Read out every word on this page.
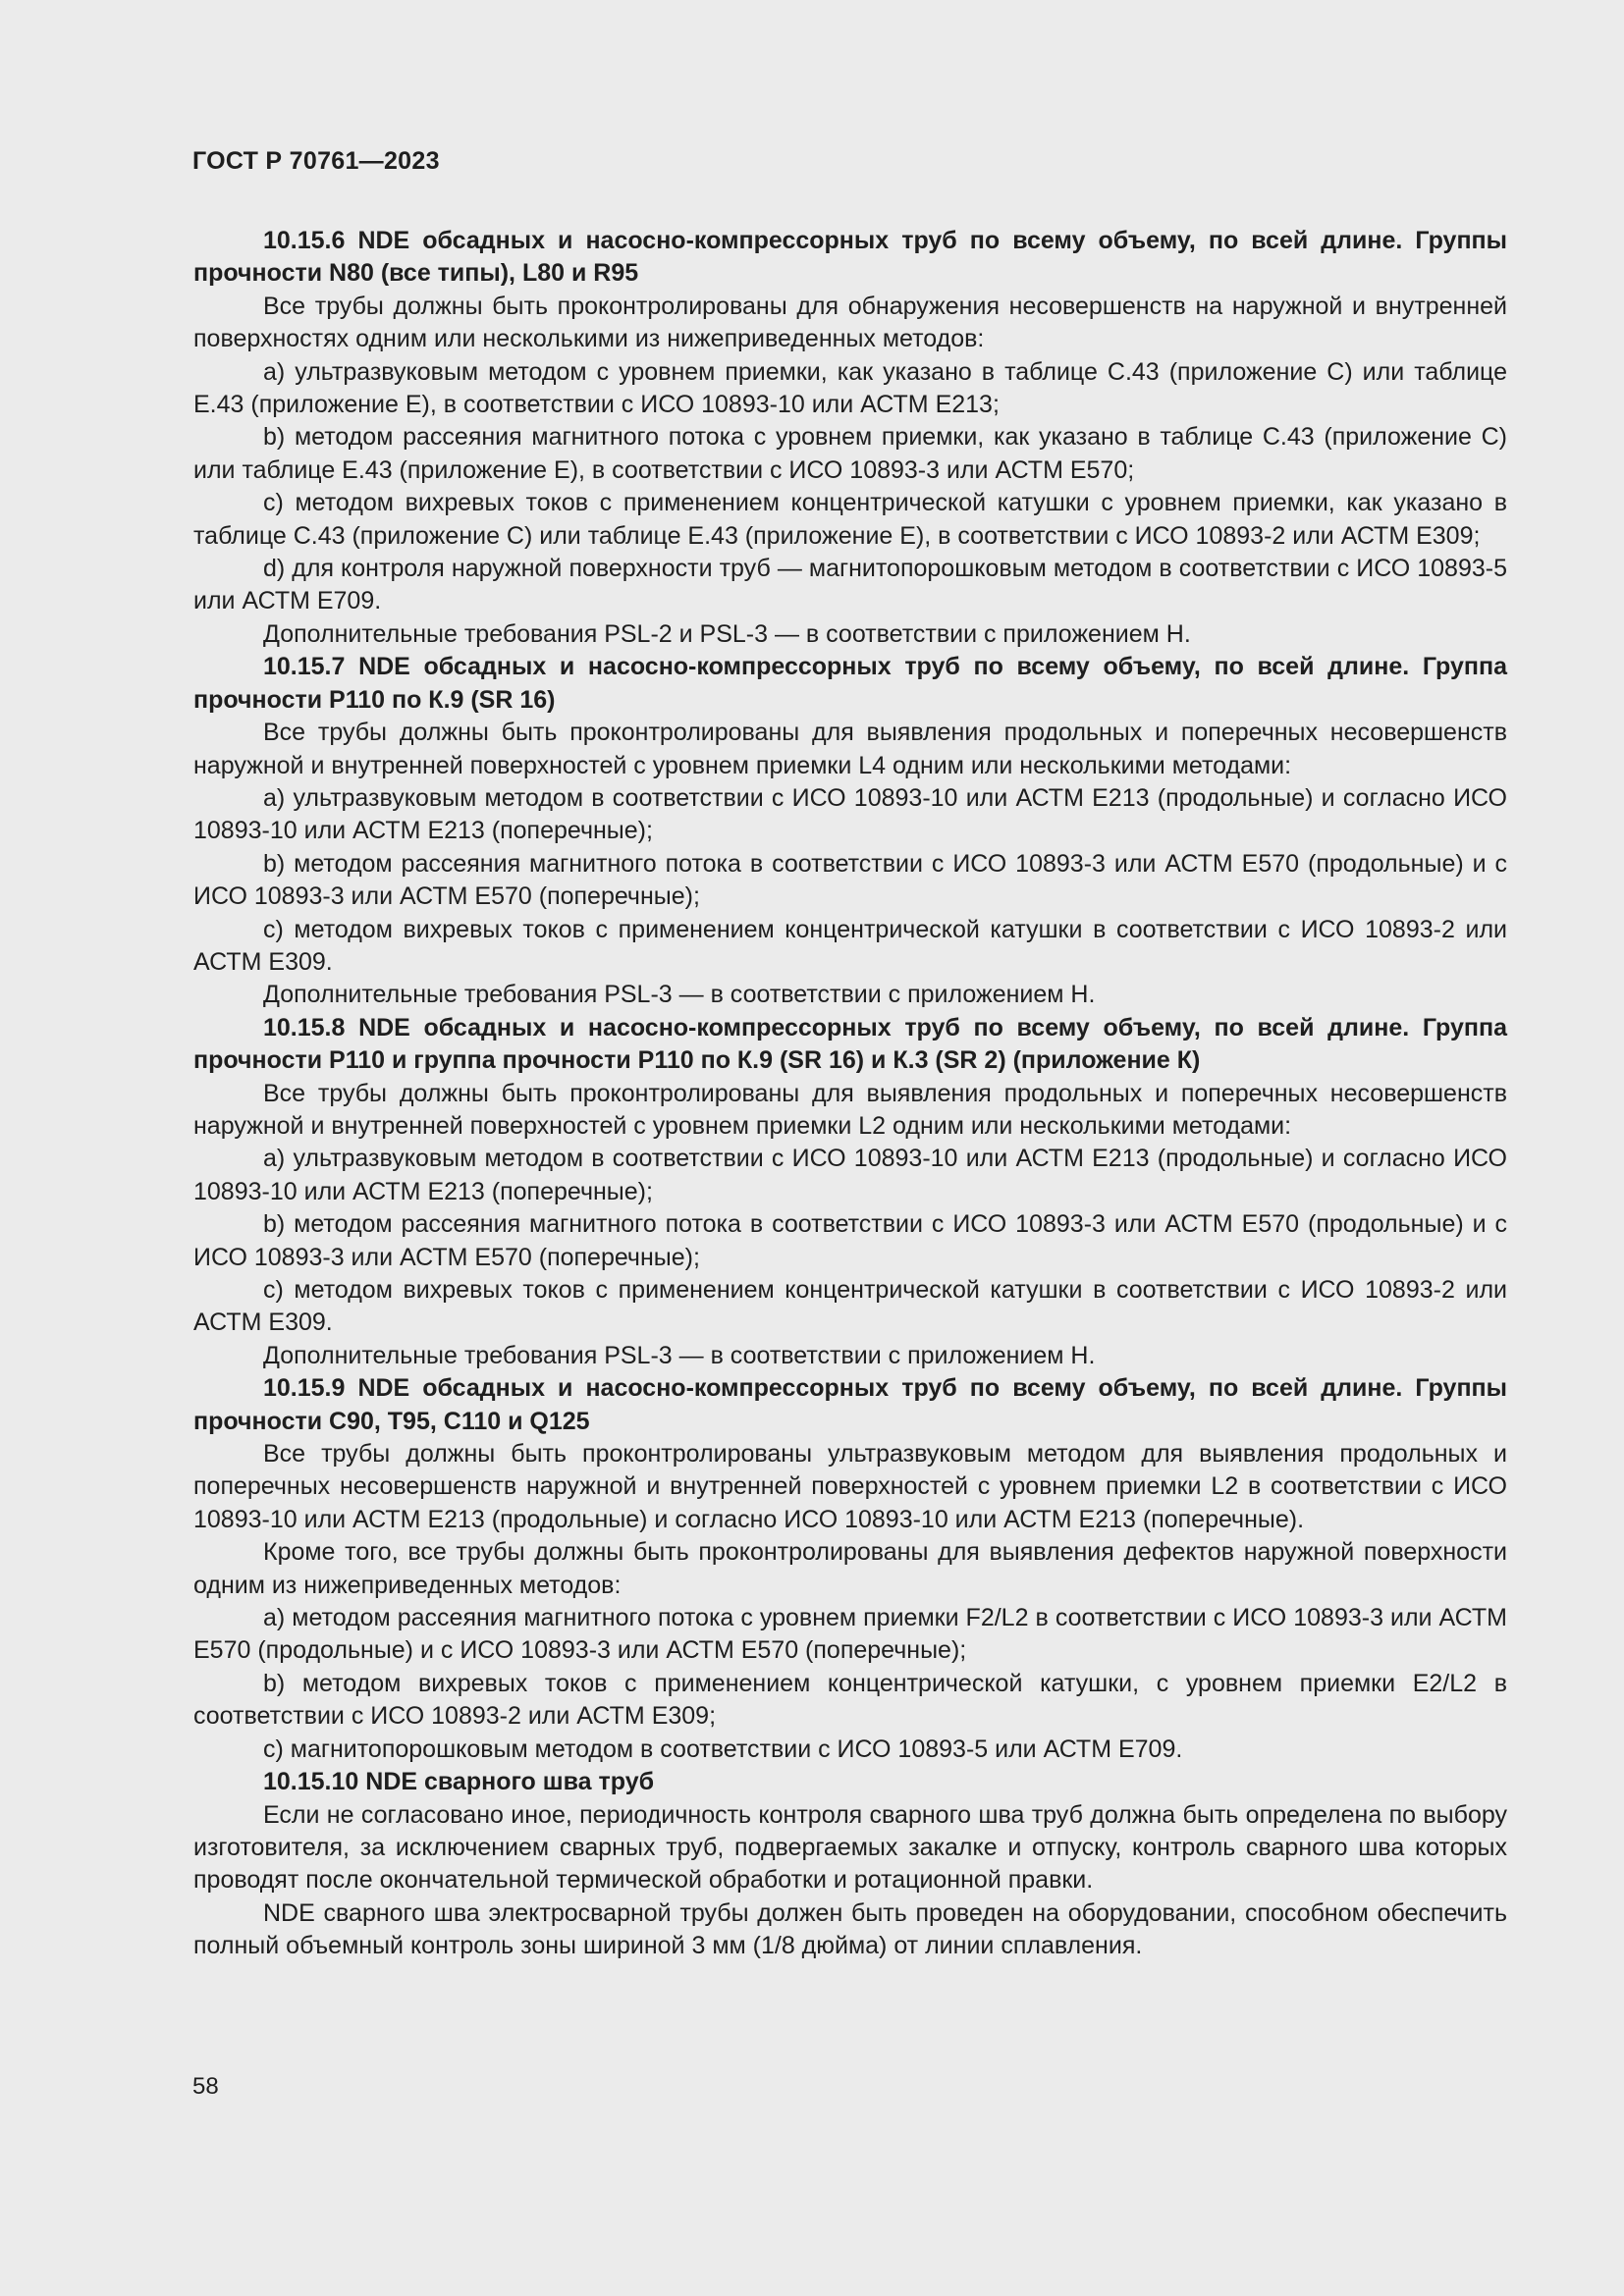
ГОСТ Р 70761—2023

10.15.6 NDE обсадных и насосно-компрессорных труб по всему объему, по всей длине. Группы прочности N80 (все типы), L80 и R95

Все трубы должны быть проконтролированы для обнаружения несовершенств на наружной и внутренней поверхностях одним или несколькими из нижеприведенных методов:

a) ультразвуковым методом с уровнем приемки, как указано в таблице С.43 (приложение С) или таблице Е.43 (приложение Е), в соответствии с ИСО 10893-10 или АСТМ Е213;

b) методом рассеяния магнитного потока с уровнем приемки, как указано в таблице С.43 (приложение С) или таблице Е.43 (приложение Е), в соответствии с ИСО 10893-3 или АСТМ Е570;

c) методом вихревых токов с применением концентрической катушки с уровнем приемки, как указано в таблице С.43 (приложение С) или таблице Е.43 (приложение Е), в соответствии с ИСО 10893-2 или АСТМ Е309;

d) для контроля наружной поверхности труб — магнитопорошковым методом в соответствии с ИСО 10893-5 или АСТМ Е709.

Дополнительные требования PSL-2 и PSL-3 — в соответствии с приложением Н.

10.15.7 NDE обсадных и насосно-компрессорных труб по всему объему, по всей длине. Группа прочности Р110 по К.9 (SR 16)

Все трубы должны быть проконтролированы для выявления продольных и поперечных несовершенств наружной и внутренней поверхностей с уровнем приемки L4 одним или несколькими методами:

a) ультразвуковым методом в соответствии с ИСО 10893-10 или АСТМ Е213 (продольные) и согласно ИСО 10893-10 или АСТМ Е213 (поперечные);

b) методом рассеяния магнитного потока в соответствии с ИСО 10893-3 или АСТМ Е570 (продольные) и с ИСО 10893-3 или АСТМ Е570 (поперечные);

c) методом вихревых токов с применением концентрической катушки в соответствии с ИСО 10893-2 или АСТМ Е309.

Дополнительные требования PSL-3 — в соответствии с приложением Н.

10.15.8 NDE обсадных и насосно-компрессорных труб по всему объему, по всей длине. Группа прочности Р110 и группа прочности Р110 по К.9 (SR 16) и К.3 (SR 2) (приложение К)

Все трубы должны быть проконтролированы для выявления продольных и поперечных несовершенств наружной и внутренней поверхностей с уровнем приемки L2 одним или несколькими методами:

a) ультразвуковым методом в соответствии с ИСО 10893-10 или АСТМ Е213 (продольные) и согласно ИСО 10893-10 или АСТМ Е213 (поперечные);

b) методом рассеяния магнитного потока в соответствии с ИСО 10893-3 или АСТМ Е570 (продольные) и с ИСО 10893-3 или АСТМ Е570 (поперечные);

c) методом вихревых токов с применением концентрической катушки в соответствии с ИСО 10893-2 или АСТМ Е309.

Дополнительные требования PSL-3 — в соответствии с приложением Н.

10.15.9 NDE обсадных и насосно-компрессорных труб по всему объему, по всей длине. Группы прочности С90, Т95, С110 и Q125

Все трубы должны быть проконтролированы ультразвуковым методом для выявления продольных и поперечных несовершенств наружной и внутренней поверхностей с уровнем приемки L2 в соответствии с ИСО 10893-10 или АСТМ Е213 (продольные) и согласно ИСО 10893-10 или АСТМ Е213 (поперечные).

Кроме того, все трубы должны быть проконтролированы для выявления дефектов наружной поверхности одним из нижеприведенных методов:

a) методом рассеяния магнитного потока с уровнем приемки F2/L2 в соответствии с ИСО 10893-3 или АСТМ Е570 (продольные) и с ИСО 10893-3 или АСТМ Е570 (поперечные);

b) методом вихревых токов с применением концентрической катушки, с уровнем приемки E2/L2 в соответствии с ИСО 10893-2 или АСТМ Е309;

c) магнитопорошковым методом в соответствии с ИСО 10893-5 или АСТМ Е709.

10.15.10 NDE сварного шва труб

Если не согласовано иное, периодичность контроля сварного шва труб должна быть определена по выбору изготовителя, за исключением сварных труб, подвергаемых закалке и отпуску, контроль сварного шва которых проводят после окончательной термической обработки и ротационной правки.

NDE сварного шва электросварной трубы должен быть проведен на оборудовании, способном обеспечить полный объемный контроль зоны шириной 3 мм (1/8 дюйма) от линии сплавления.

58
